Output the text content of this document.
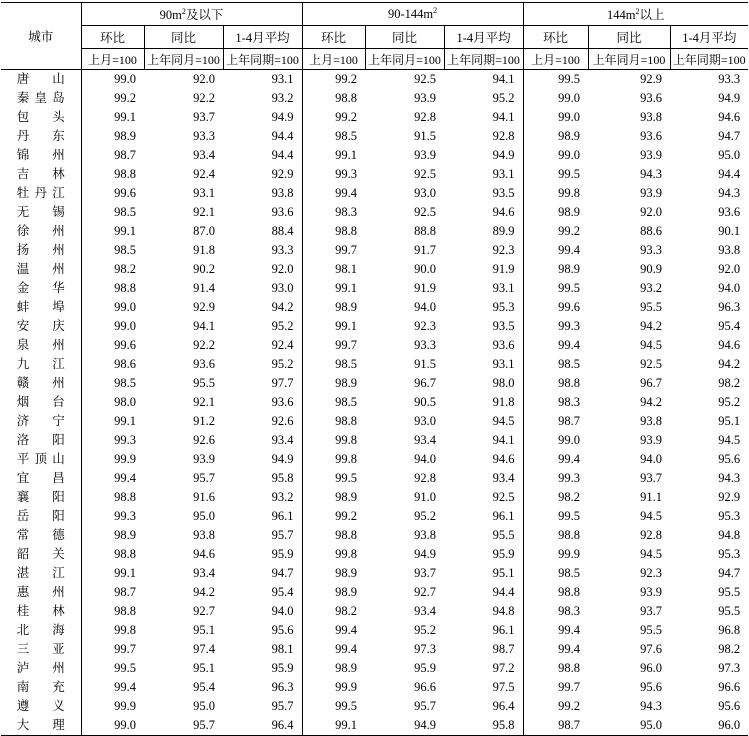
城市	$90m^2$及以下			$90-144m^2$			$144m^2$以上		
	环比	同比	1-4月平均	环比	同比	1-4月平均	环比	同比	1-4月平均
	上月=100	上年同月=100	上年同期=100	上月=100	上年同月=100	上年同期=100	上月=100	上年同月=100	上年同期=100
唐山	99.0	92.0	93.1	99.2	92.5	94.1	99.5	92.9	93.3
秦皇岛	99.2	92.2	93.2	98.8	93.9	95.2	99.0	93.6	94.9
包头	99.1	93.7	94.9	99.2	92.8	94.1	99.0	93.8	94.6
丹东	98.9	93.3	94.4	98.5	91.5	92.8	98.9	93.6	94.7
锦州	98.7	93.4	94.4	99.1	93.9	94.9	99.0	93.9	95.0
吉林	98.8	92.4	92.9	99.3	92.5	93.1	99.5	94.3	94.4
牡丹江	99.6	93.1	93.8	99.4	93.0	93.5	99.8	93.9	94.3
无锡	98.5	92.1	93.6	98.3	92.5	94.6	98.9	92.0	93.6
徐州	99.1	87.0	88.4	98.8	88.8	89.9	99.2	88.6	90.1
扬州	98.5	91.8	93.3	99.7	91.7	92.3	99.4	93.3	93.8
温州	98.2	90.2	92.0	98.1	90.0	91.9	98.9	90.9	92.0
金华	98.8	91.4	93.0	99.1	91.9	93.1	99.5	93.2	94.0
蚌埠	99.0	92.9	94.2	98.9	94.0	95.3	99.6	95.5	96.3
安庆	99.0	94.1	95.2	99.1	92.3	93.5	99.3	94.2	95.4
泉州	99.6	92.2	92.4	99.7	93.3	93.6	99.4	94.5	94.6
九江	98.6	93.6	95.2	98.5	91.5	93.1	98.5	92.5	94.2
赣州	98.5	95.5	97.7	98.9	96.7	98.0	98.8	96.7	98.2
烟台	98.0	92.1	93.6	98.5	90.5	91.8	98.3	94.2	95.2
济宁	99.1	91.2	92.6	98.8	93.0	94.5	98.7	93.8	95.1
洛阳	99.3	92.6	93.4	99.8	93.4	94.1	99.0	93.9	94.5
平顶山	99.9	93.9	94.9	99.8	94.0	94.6	99.4	94.0	95.6
宜昌	99.4	95.7	95.8	99.5	92.8	93.4	99.3	93.7	94.3
襄阳	98.8	91.6	93.2	98.9	91.0	92.5	98.2	91.1	92.9
岳阳	99.3	95.0	96.1	99.2	95.2	96.1	99.5	94.5	95.3
常德	98.9	93.8	95.7	98.8	93.8	95.5	98.8	92.8	94.8
韶关	98.8	94.6	95.9	99.8	94.9	95.9	99.9	94.5	95.3
湛江	99.1	93.4	94.7	98.9	93.7	95.1	98.5	92.3	94.7
惠州	98.7	94.2	95.4	98.9	92.7	94.4	98.8	93.9	95.5
桂林	98.8	92.7	94.0	98.2	93.4	94.8	98.3	93.7	95.5
北海	99.8	95.1	95.6	99.4	95.2	96.1	99.4	95.5	96.8
三亚	99.7	97.4	98.1	99.4	97.3	98.7	99.4	97.6	98.2
泸州	99.5	95.1	95.9	98.9	95.9	97.2	98.8	96.0	97.3
南充	99.4	95.4	96.3	99.9	96.6	97.5	99.7	95.6	96.6
遵义	99.9	95.0	95.7	99.5	95.7	96.4	99.2	94.3	95.6
大理	99.0	95.7	96.4	99.1	94.9	95.8	98.7	95.0	96.0
